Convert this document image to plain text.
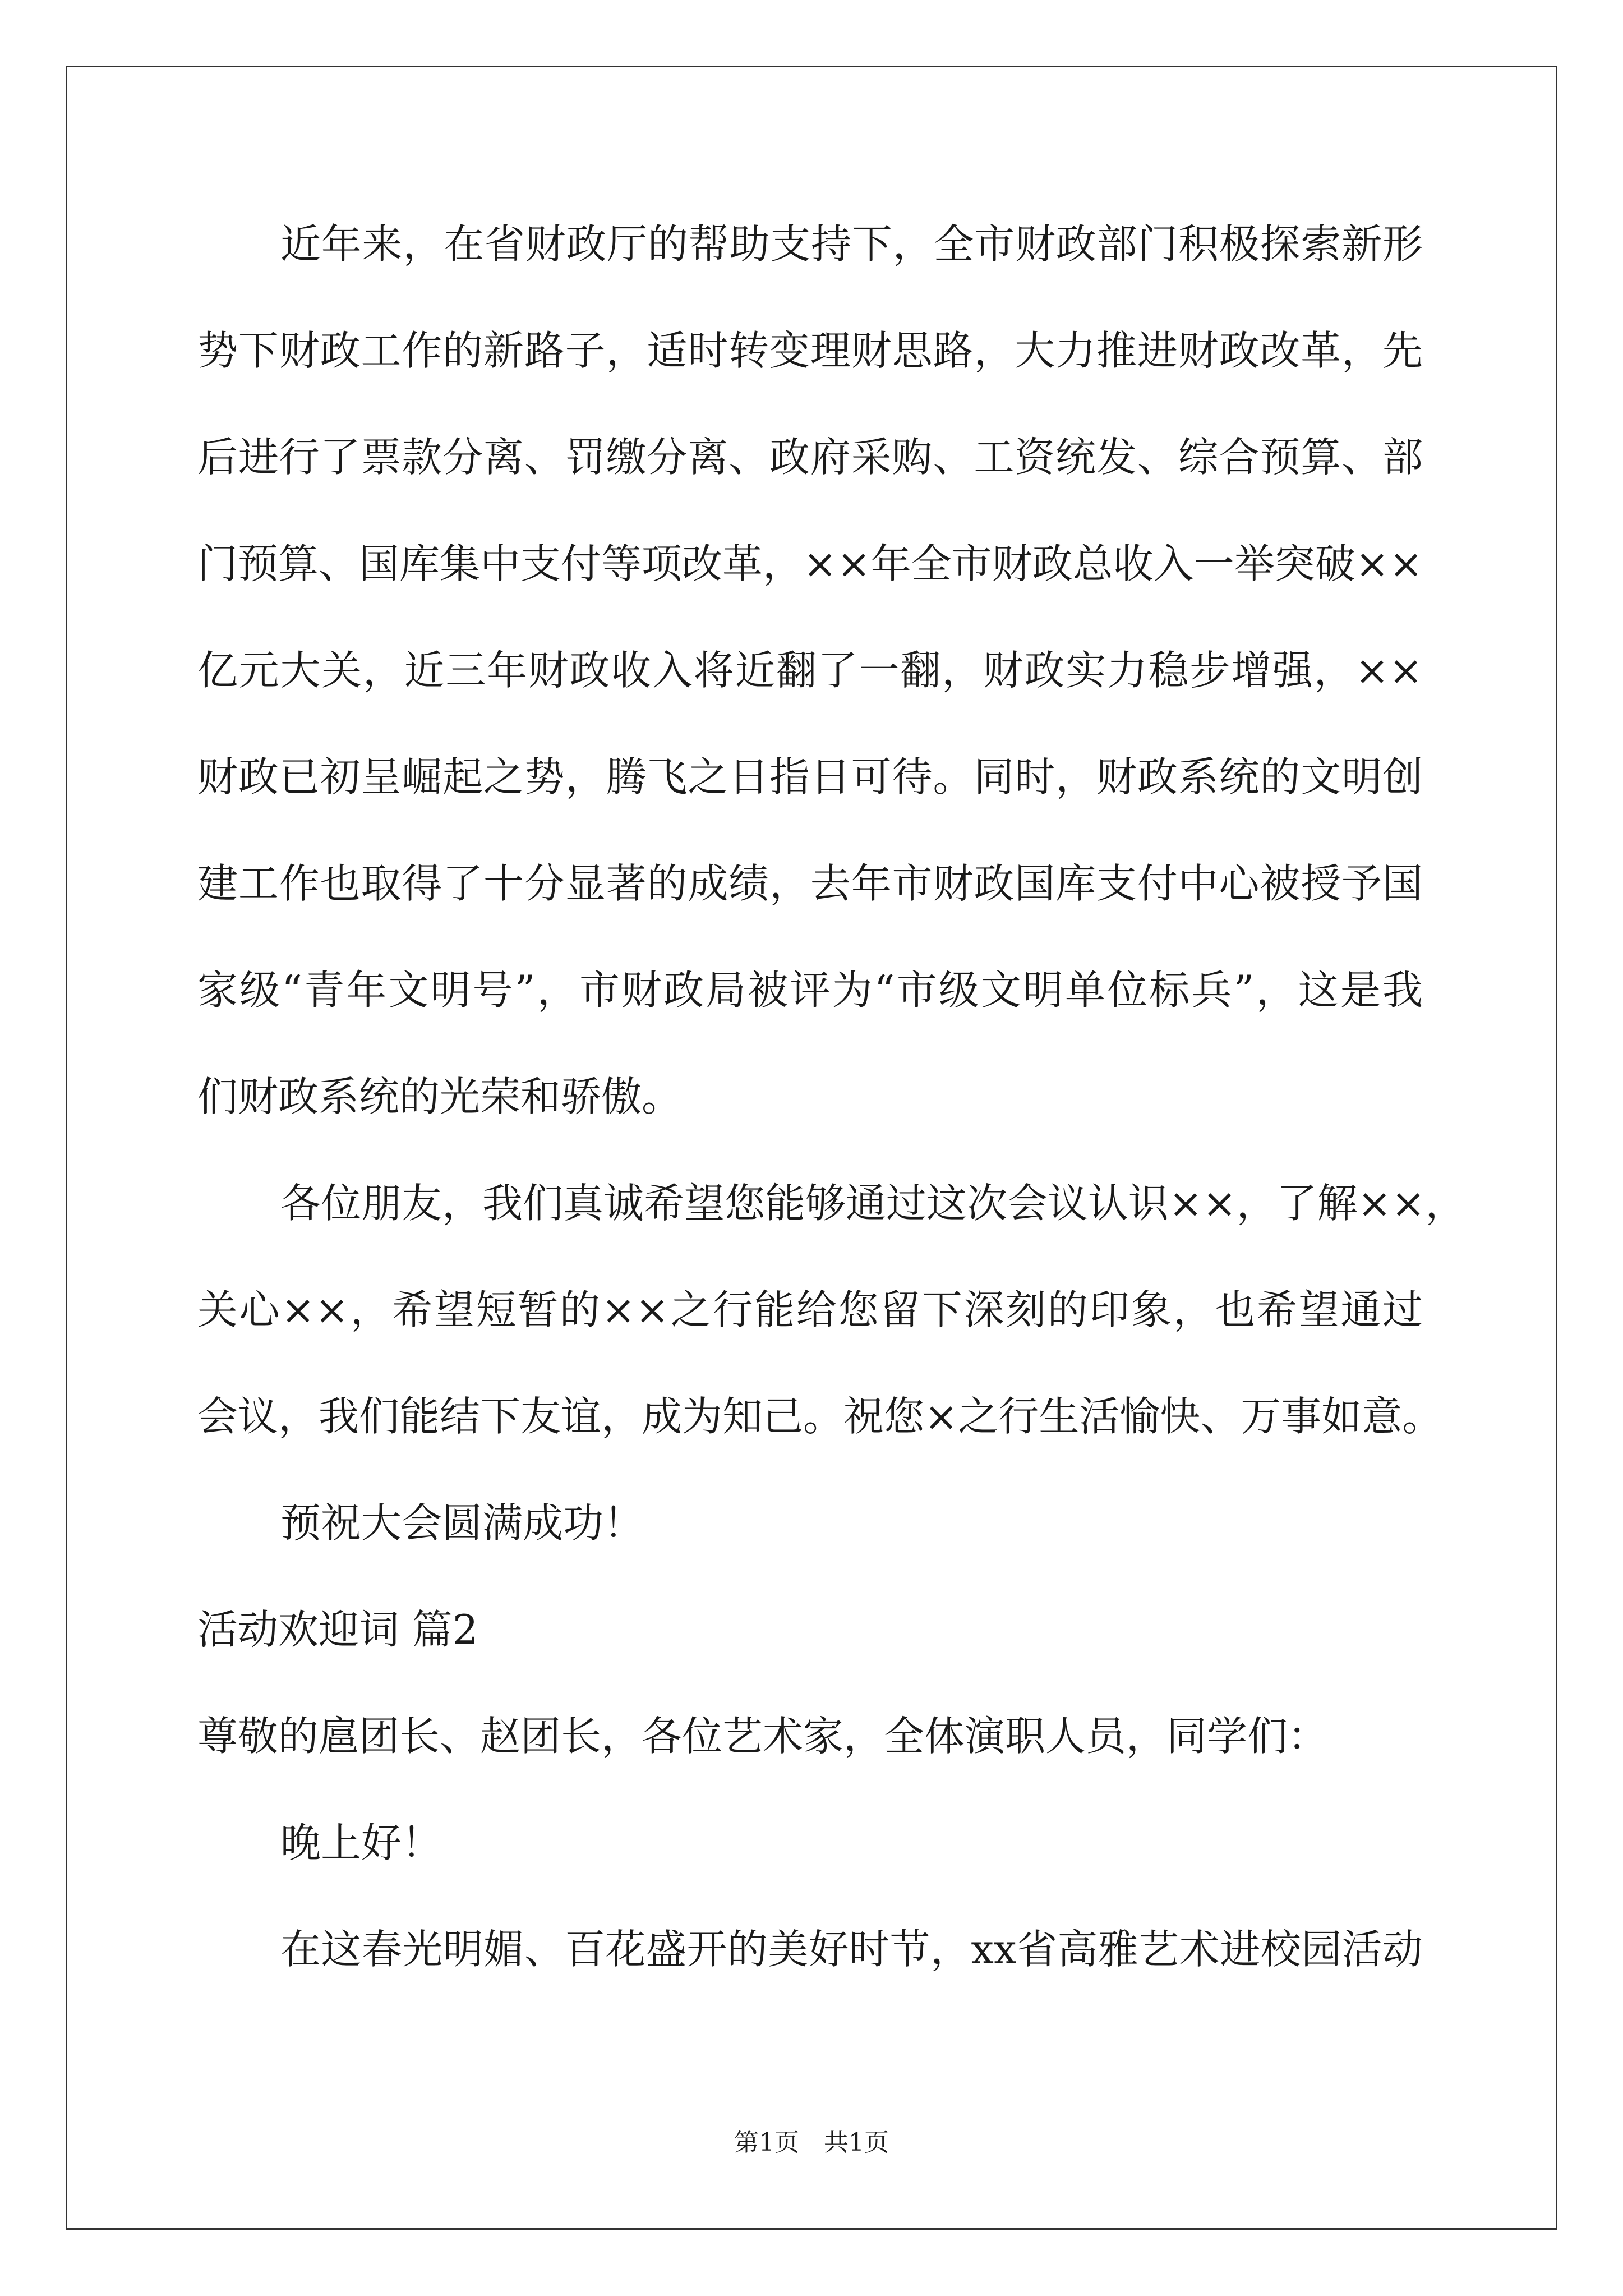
近年来，在省财政厅的帮助支持下，全市财政部门积极探索新形
势下财政工作的新路子，适时转变理财思路，大力推进财政改革，先
后进行了票款分离、罚缴分离、政府采购、工资统发、综合预算、部
门预算、国库集中支付等项改革，××年全市财政总收入一举突破××
亿元大关，近三年财政收入将近翻了一翻，财政实力稳步增强，××
财政已初呈崛起之势，腾飞之日指日可待。同时，财政系统的文明创
建工作也取得了十分显著的成绩，去年市财政国库支付中心被授予国
家级“青年文明号”，市财政局被评为“市级文明单位标兵”，这是我
们财政系统的光荣和骄傲。
各位朋友，我们真诚希望您能够通过这次会议认识××，了解××，
关心××，希望短暂的××之行能给您留下深刻的印象，也希望通过
会议，我们能结下友谊，成为知己。祝您×之行生活愉快、万事如意。
预祝大会圆满成功！
活动欢迎词 篇2
尊敬的扈团长、赵团长，各位艺术家，全体演职人员，同学们：
晚上好！
在这春光明媚、百花盛开的美好时节，xx省高雅艺术进校园活动
第1页　共1页
